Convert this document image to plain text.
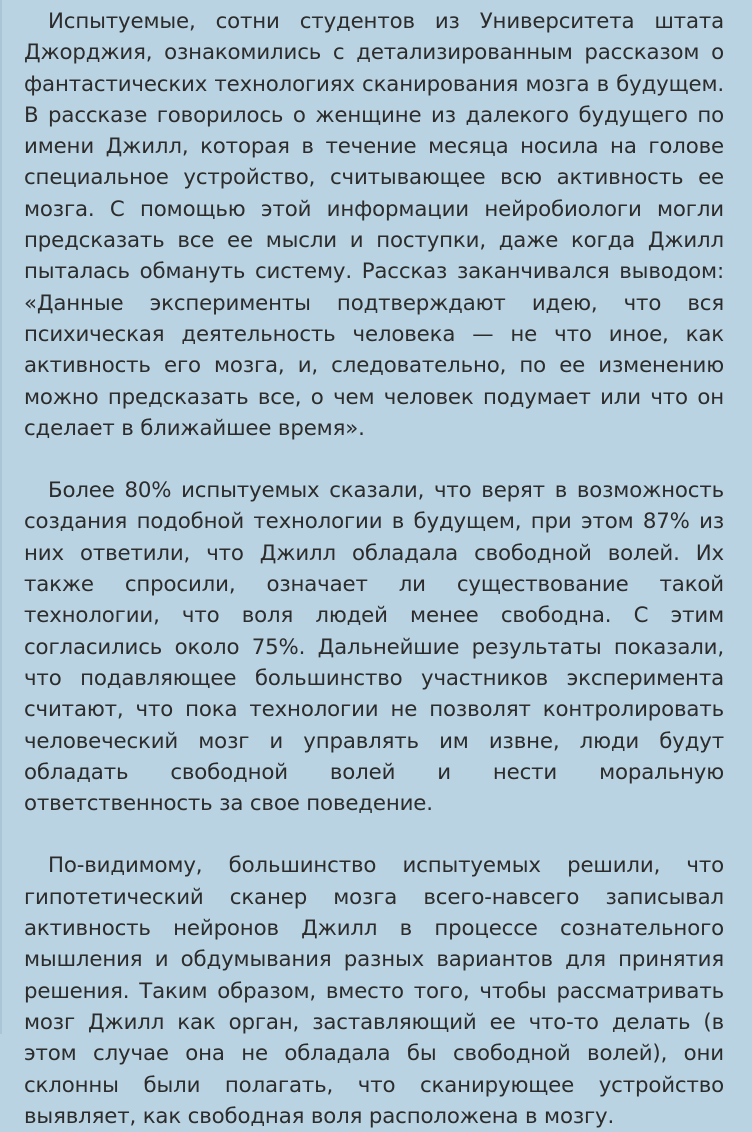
Испытуемые, сотни студентов из Университета штата Джорджия, ознакомились с детализированным рассказом о фантастических технологиях сканирования мозга в будущем. В рассказе говорилось о женщине из далекого будущего по имени Джилл, которая в течение месяца носила на голове специальное устройство, считывающее всю активность ее мозга. С помощью этой информации нейробиологи могли предсказать все ее мысли и поступки, даже когда Джилл пыталась обмануть систему. Рассказ заканчивался выводом: «Данные эксперименты подтверждают идею, что вся психическая деятельность человека — не что иное, как активность его мозга, и, следовательно, по ее изменению можно предсказать все, о чем человек подумает или что он сделает в ближайшее время».

Более 80% испытуемых сказали, что верят в возможность создания подобной технологии в будущем, при этом 87% из них ответили, что Джилл обладала свободной волей. Их также спросили, означает ли существование такой технологии, что воля людей менее свободна. С этим согласились около 75%. Дальнейшие результаты показали, что подавляющее большинство участников эксперимента считают, что пока технологии не позволят контролировать человеческий мозг и управлять им извне, люди будут обладать свободной волей и нести моральную ответственность за свое поведение.

По-видимому, большинство испытуемых решили, что гипотетический сканер мозга всего-навсего записывал активность нейронов Джилл в процессе сознательного мышления и обдумывания разных вариантов для принятия решения. Таким образом, вместо того, чтобы рассматривать мозг Джилл как орган, заставляющий ее что-то делать (в этом случае она не обладала бы свободной волей), они склонны были полагать, что сканирующее устройство выявляет, как свободная воля расположена в мозгу.
